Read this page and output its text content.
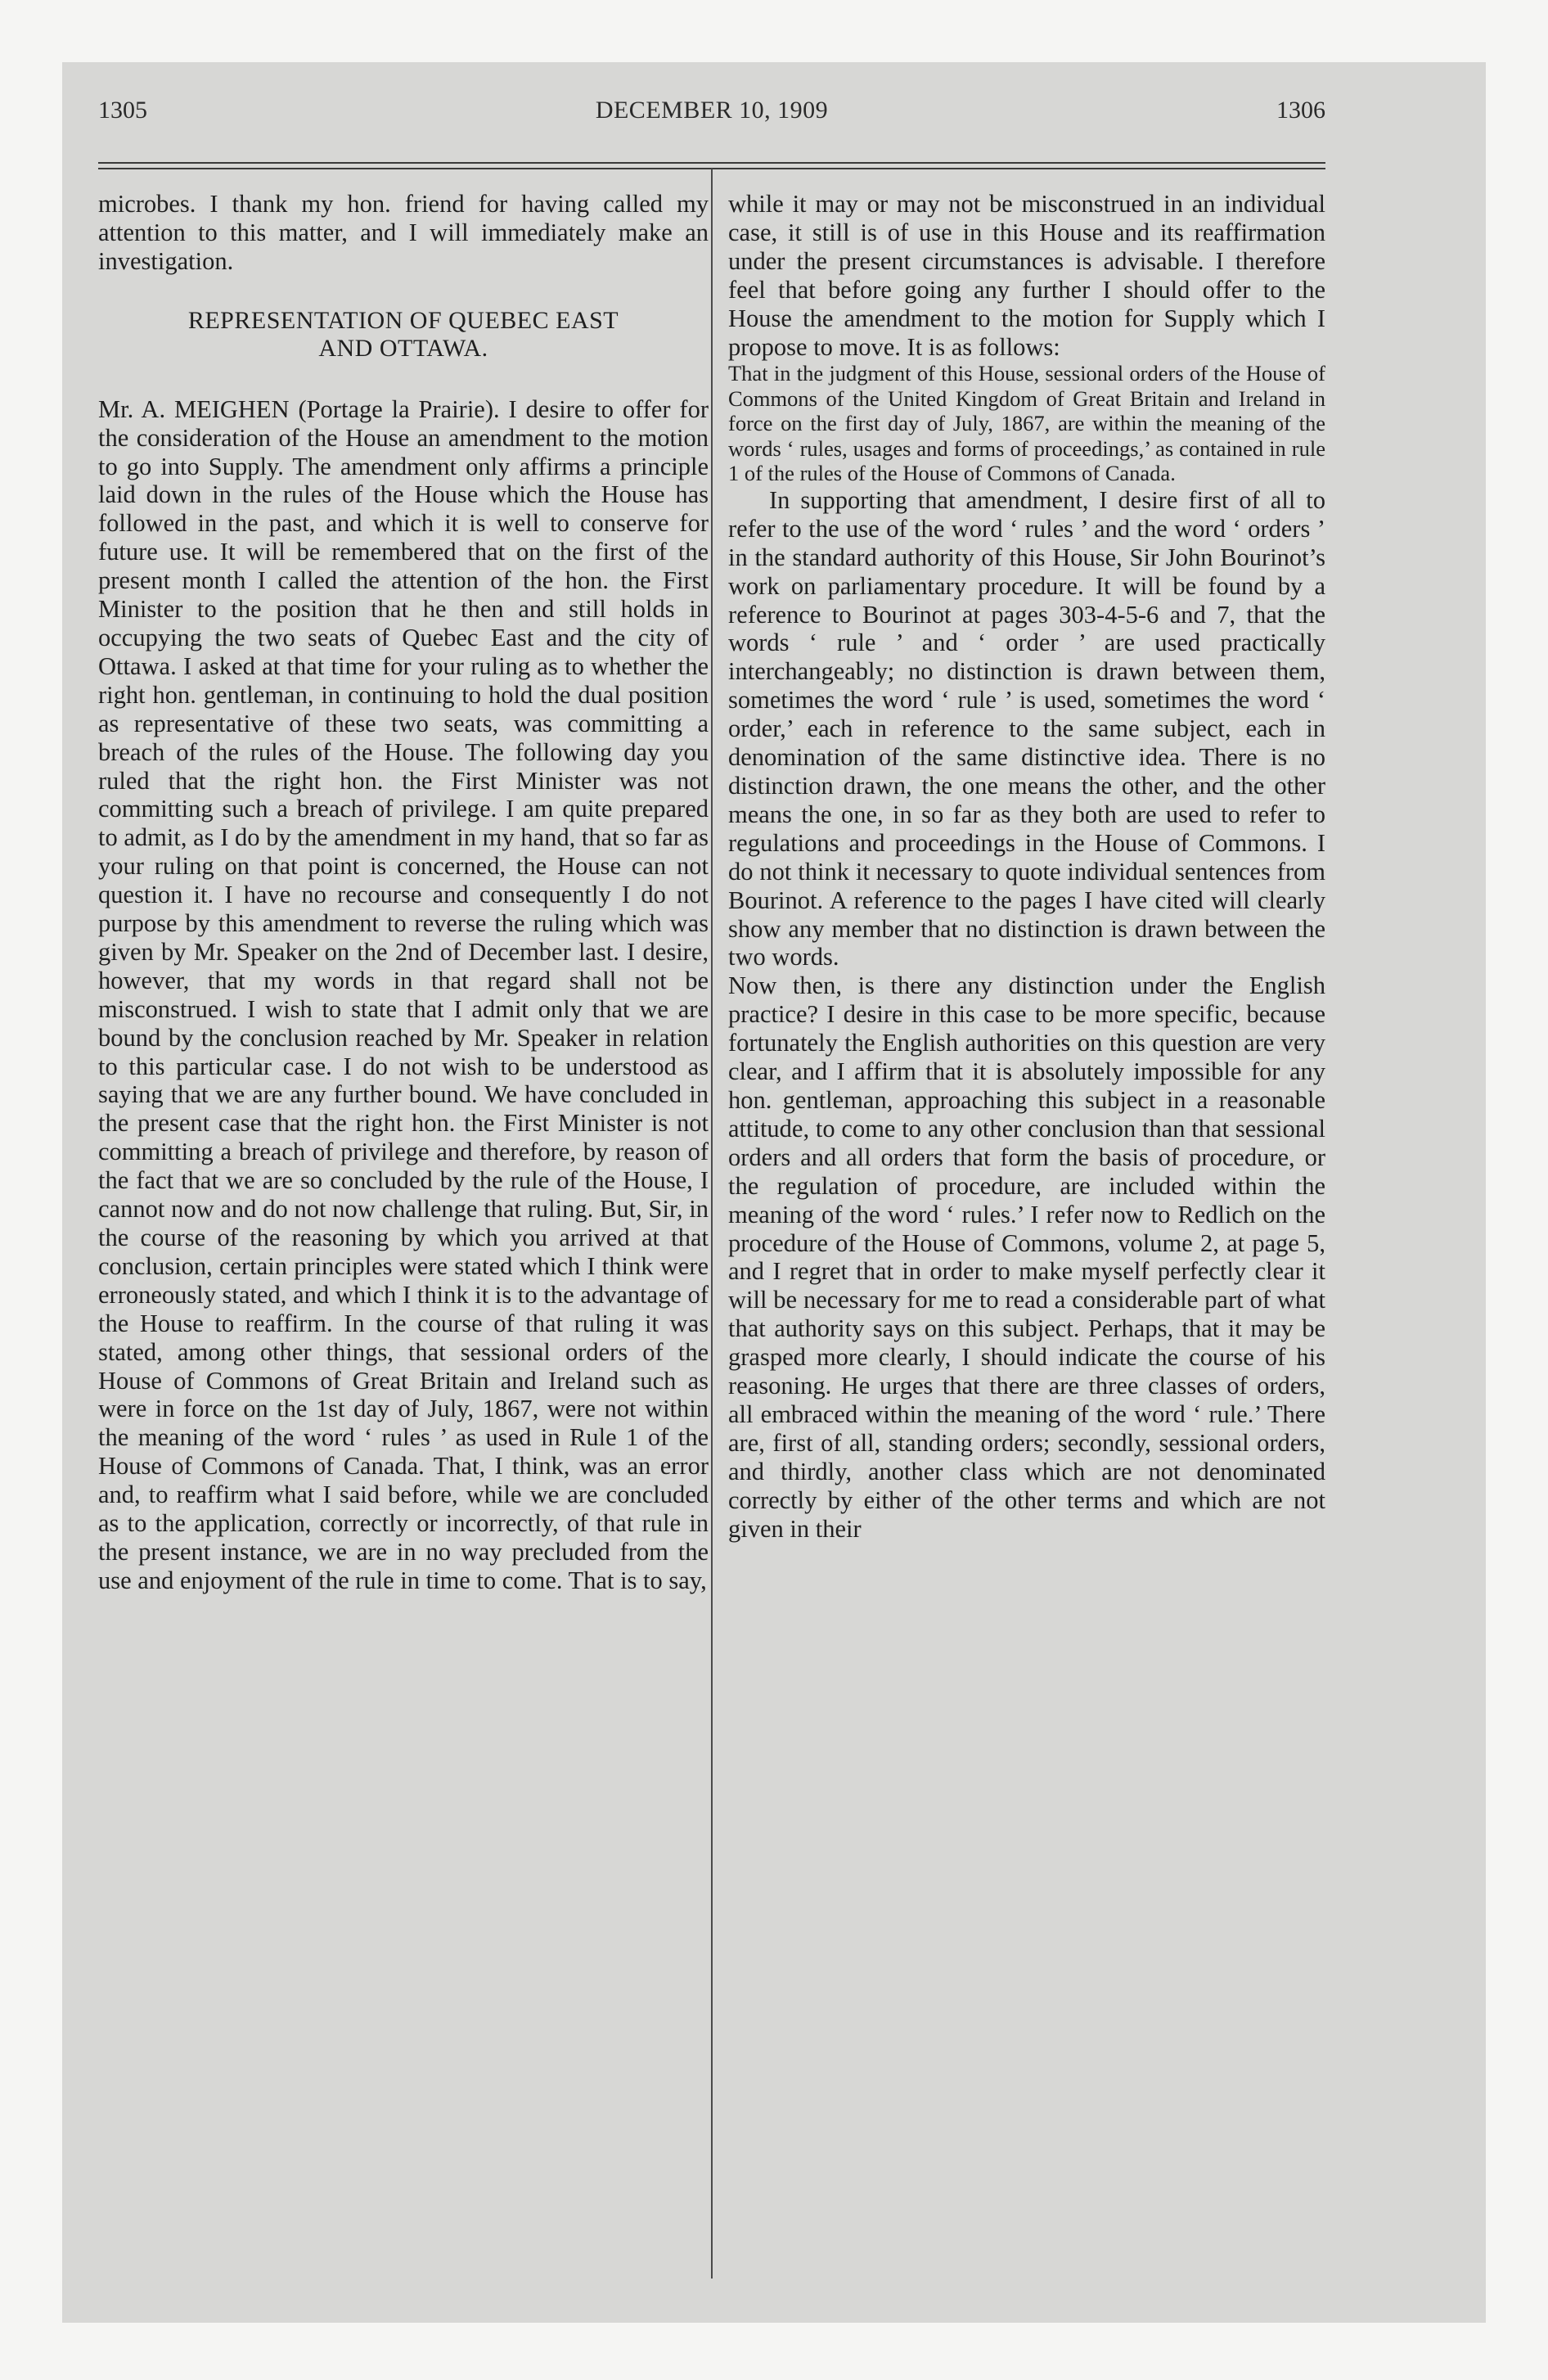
1305	DECEMBER 10, 1909	1306

microbes. I thank my hon. friend for having called my attention to this matter, and I will immediately make an investigation.

REPRESENTATION OF QUEBEC EAST
AND OTTAWA.

Mr. A. MEIGHEN (Portage la Prairie). I desire to offer for the consideration of the House an amendment to the motion to go into Supply. The amendment only affirms a principle laid down in the rules of the House which the House has followed in the past, and which it is well to conserve for future use. It will be remembered that on the first of the present month I called the attention of the hon. the First Minister to the position that he then and still holds in occupying the two seats of Quebec East and the city of Ottawa. I asked at that time for your ruling as to whether the right hon. gentleman, in continuing to hold the dual position as representative of these two seats, was committing a breach of the rules of the House. The following day you ruled that the right hon. the First Minister was not committing such a breach of privilege. I am quite prepared to admit, as I do by the amendment in my hand, that so far as your ruling on that point is concerned, the House can not question it. I have no recourse and consequently I do not purpose by this amendment to reverse the ruling which was given by Mr. Speaker on the 2nd of December last. I desire, however, that my words in that regard shall not be misconstrued. I wish to state that I admit only that we are bound by the conclusion reached by Mr. Speaker in relation to this particular case. I do not wish to be understood as saying that we are any further bound. We have concluded in the present case that the right hon. the First Minister is not committing a breach of privilege and therefore, by reason of the fact that we are so concluded by the rule of the House, I cannot now and do not now challenge that ruling. But, Sir, in the course of the reasoning by which you arrived at that conclusion, certain principles were stated which I think were erroneously stated, and which I think it is to the advantage of the House to reaffirm. In the course of that ruling it was stated, among other things, that sessional orders of the House of Commons of Great Britain and Ireland such as were in force on the 1st day of July, 1867, were not within the meaning of the word ‘ rules ’ as used in Rule 1 of the House of Commons of Canada. That, I think, was an error and, to reaffirm what I said before, while we are concluded as to the application, correctly or incorrectly, of that rule in the present instance, we are in no way precluded from the use and enjoyment of the rule in time to come. That is to say,

while it may or may not be misconstrued in an individual case, it still is of use in this House and its reaffirmation under the present circumstances is advisable. I therefore feel that before going any further I should offer to the House the amendment to the motion for Supply which I propose to move. It is as follows:

That in the judgment of this House, sessional orders of the House of Commons of the United Kingdom of Great Britain and Ireland in force on the first day of July, 1867, are within the meaning of the words ‘ rules, usages and forms of proceedings,’ as contained in rule 1 of the rules of the House of Commons of Canada.

In supporting that amendment, I desire first of all to refer to the use of the word ‘ rules ’ and the word ‘ orders ’ in the standard authority of this House, Sir John Bourinot’s work on parliamentary procedure. It will be found by a reference to Bourinot at pages 303-4-5-6 and 7, that the words ‘ rule ’ and ‘ order ’ are used practically interchangeably; no distinction is drawn between them, sometimes the word ‘ rule ’ is used, sometimes the word ‘ order,’ each in reference to the same subject, each in denomination of the same distinctive idea. There is no distinction drawn, the one means the other, and the other means the one, in so far as they both are used to refer to regulations and proceedings in the House of Commons. I do not think it necessary to quote individual sentences from Bourinot. A reference to the pages I have cited will clearly show any member that no distinction is drawn between the two words.

Now then, is there any distinction under the English practice? I desire in this case to be more specific, because fortunately the English authorities on this question are very clear, and I affirm that it is absolutely impossible for any hon. gentleman, approaching this subject in a reasonable attitude, to come to any other conclusion than that sessional orders and all orders that form the basis of procedure, or the regulation of procedure, are included within the meaning of the word ‘ rules.’ I refer now to Redlich on the procedure of the House of Commons, volume 2, at page 5, and I regret that in order to make myself perfectly clear it will be necessary for me to read a considerable part of what that authority says on this subject. Perhaps, that it may be grasped more clearly, I should indicate the course of his reasoning. He urges that there are three classes of orders, all embraced within the meaning of the word ‘ rule.’ There are, first of all, standing orders; secondly, sessional orders, and thirdly, another class which are not denominated correctly by either of the other terms and which are not given in their
